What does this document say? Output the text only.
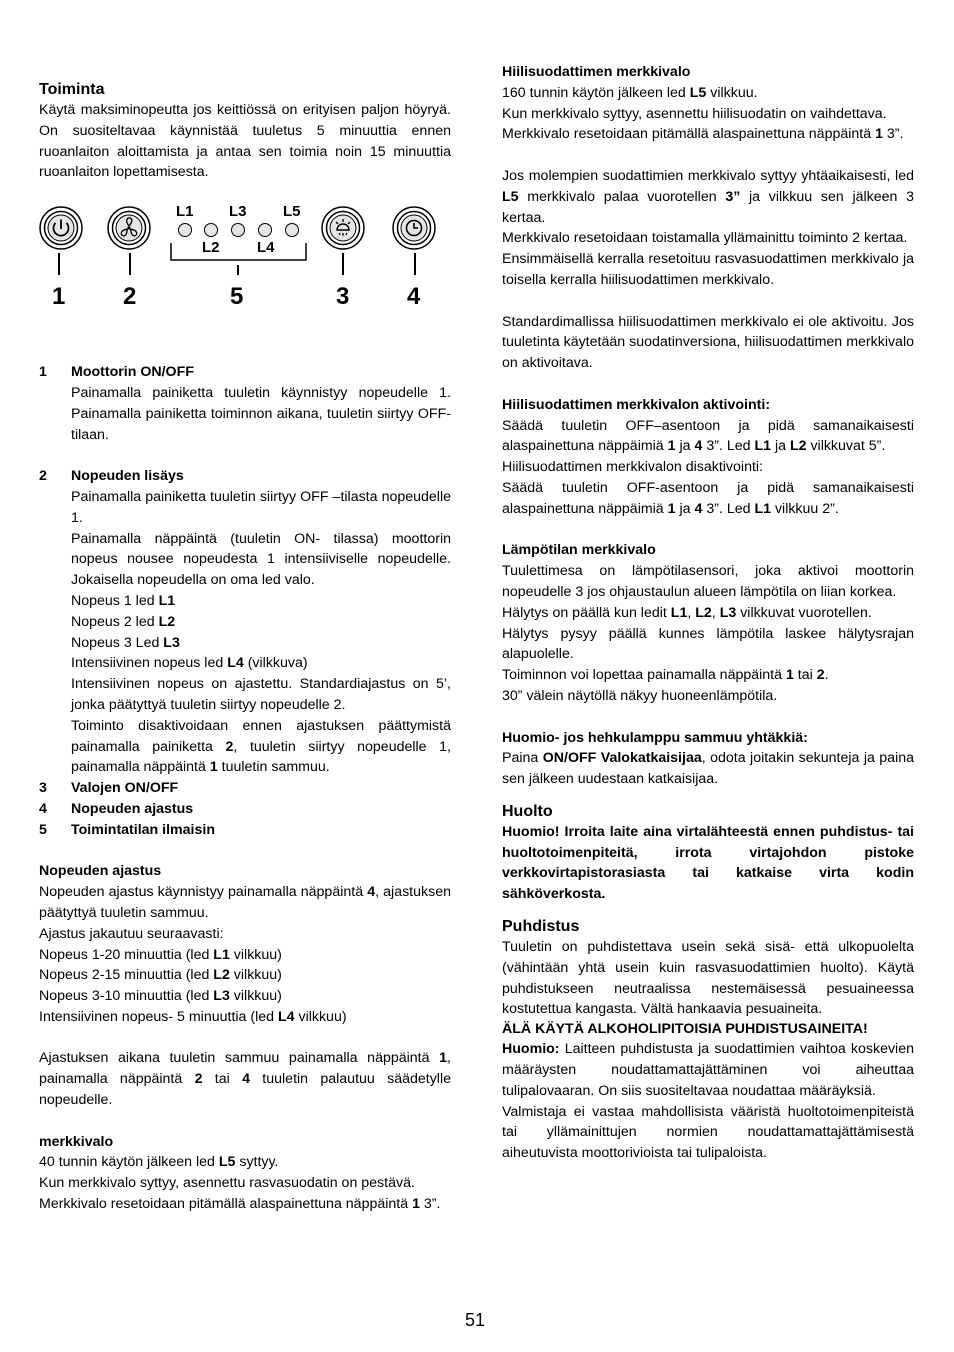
Toiminta

Käytä maksiminopeutta jos keittiössä on erityisen paljon höyryä. On suositeltavaa käynnistää tuuletus 5 minuuttia ennen ruoanlaiton aloittamista ja antaa sen toimia noin 15 minuuttia ruoanlaiton lopettamisesta.

L1 L3 L5
L2 L4
1 2	5	3 4
1 Moottorin ON/OFF

Painamalla painiketta tuuletin käynnistyy nopeudelle 1. Painamalla painiketta toiminnon aikana, tuuletin siirtyy OFF-tilaan.

2 Nopeuden lisäys

Painamalla painiketta tuuletin siirtyy OFF –tilasta nopeudelle 1.

Painamalla näppäintä (tuuletin ON- tilassa) moottorin nopeus nousee nopeudesta 1 intensiiviselle nopeudelle. Jokaisella nopeudella on oma led valo.

Nopeus 1 led L1

Nopeus 2 led L2

Nopeus 3 Led L3

Intensiivinen nopeus led L4 (vilkkuva)

Intensiivinen nopeus on ajastettu. Standardiajastus on 5’, jonka päätyttyä tuuletin siirtyy nopeudelle 2.

Toiminto disaktivoidaan ennen ajastuksen päättymistä painamalla painiketta 2, tuuletin siirtyy nopeudelle 1, painamalla näppäintä 1 tuuletin sammuu.

3 Valojen ON/OFF

4 Nopeuden ajastus

5 Toimintatilan ilmaisin

Nopeuden ajastus

Nopeuden ajastus käynnistyy painamalla näppäintä 4, ajastuksen päätyttyä tuuletin sammuu.

Ajastus jakautuu seuraavasti:

Nopeus 1-20 minuuttia (led L1 vilkkuu)

Nopeus 2-15 minuuttia (led L2 vilkkuu)

Nopeus 3-10 minuuttia (led L3 vilkkuu)

Intensiivinen nopeus- 5 minuuttia (led L4 vilkkuu)

Ajastuksen aikana tuuletin sammuu painamalla näppäintä 1, painamalla näppäintä 2 tai 4 tuuletin palautuu säädetylle nopeudelle.

merkkivalo

40 tunnin käytön jälkeen led L5 syttyy.

Kun merkkivalo syttyy, asennettu rasvasuodatin on pestävä.

Merkkivalo resetoidaan pitämällä alaspainettuna näppäintä 1 3”.

Hiilisuodattimen merkkivalo

160 tunnin käytön jälkeen led L5 vilkkuu.

Kun merkkivalo syttyy, asennettu hiilisuodatin on vaihdettava.

Merkkivalo resetoidaan pitämällä alaspainettuna näppäintä 1 3”.

Jos molempien suodattimien merkkivalo syttyy yhtäaikaisesti, led L5 merkkivalo palaa vuorotellen 3” ja vilkkuu sen jälkeen 3 kertaa.

Merkkivalo resetoidaan toistamalla yllämainittu toiminto 2 kertaa.

Ensimmäisellä kerralla resetoituu rasvasuodattimen merkkivalo ja toisella kerralla hiilisuodattimen merkkivalo.

Standardimallissa hiilisuodattimen merkkivalo ei ole aktivoitu. Jos tuuletinta käytetään suodatinversiona, hiilisuodattimen merkkivalo on aktivoitava.

Hiilisuodattimen merkkivalon aktivointi:

Säädä tuuletin OFF–asentoon ja pidä samanaikaisesti alaspainettuna näppäimiä 1 ja 4 3”. Led L1 ja L2 vilkkuvat 5”.

Hiilisuodattimen merkkivalon disaktivointi:

Säädä tuuletin OFF-asentoon ja pidä samanaikaisesti alaspainettuna näppäimiä 1 ja 4 3”. Led L1 vilkkuu 2”.

Lämpötilan merkkivalo

Tuulettimesa on lämpötilasensori, joka aktivoi moottorin nopeudelle 3 jos ohjaustaulun alueen lämpötila on liian korkea.

Hälytys on päällä kun ledit L1, L2, L3 vilkkuvat vuorotellen.

Hälytys pysyy päällä kunnes lämpötila laskee hälytysrajan alapuolelle.

Toiminnon voi lopettaa painamalla näppäintä 1 tai 2.

30” välein näytöllä näkyy huoneenlämpötila.

Huomio- jos hehkulamppu sammuu yhtäkkiä:

Paina ON/OFF Valokatkaisijaa, odota joitakin sekunteja ja paina sen jälkeen uudestaan katkaisijaa.

Huolto

Huomio! Irroita laite aina virtalähteestä ennen puhdistus- tai huoltotoimenpiteitä, irrota virtajohdon pistoke verkkovirtapistorasiasta tai katkaise virta kodin sähköverkosta.

Puhdistus

Tuuletin on puhdistettava usein sekä sisä- että ulkopuolelta (vähintään yhtä usein kuin rasvasuodattimien huolto). Käytä puhdistukseen neutraalissa nestemäisessä pesuaineessa kostutettua kangasta. Vältä hankaavia pesuaineita.

ÄLÄ KÄYTÄ ALKOHOLIPITOISIA PUHDISTUSAINEITA!

Huomio: Laitteen puhdistusta ja suodattimien vaihtoa koskevien määräysten noudattamattajättäminen voi aiheuttaa tulipalovaaran. On siis suositeltavaa noudattaa määräyksiä.

Valmistaja ei vastaa mahdollisista vääristä huoltotoimenpiteistä tai yllämainittujen normien noudattamattajättämisestä aiheutuvista moottorivioista tai tulipaloista.

51
